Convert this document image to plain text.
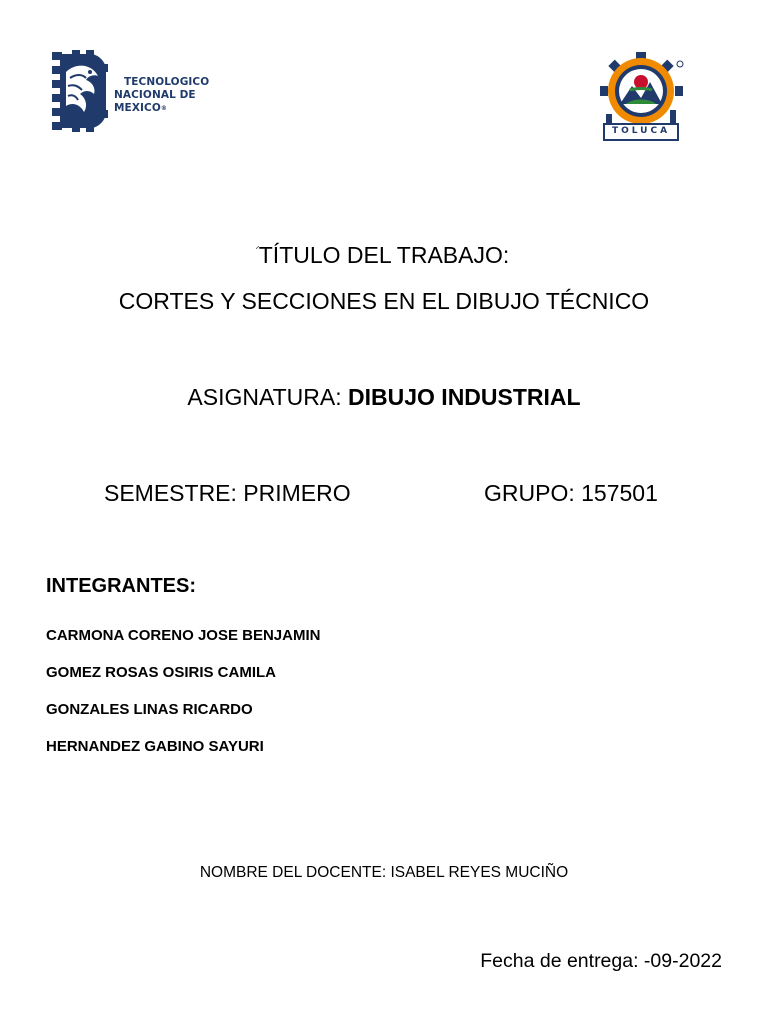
TECNOLOGICO
NACIONAL DE MEXICO®
TOLUCA
TÍTULO DEL TRABAJO:
CORTES Y SECCIONES EN EL DIBUJO TÉCNICO
ASIGNATURA: DIBUJO INDUSTRIAL
SEMESTRE: PRIMERO	GRUPO: 157501
INTEGRANTES:
CARMONA CORENO JOSE BENJAMIN
GOMEZ ROSAS OSIRIS CAMILA
GONZALES LINAS RICARDO
HERNANDEZ GABINO SAYURI
NOMBRE DEL DOCENTE: ISABEL REYES MUCIÑO
Fecha de entrega: -09-2022
